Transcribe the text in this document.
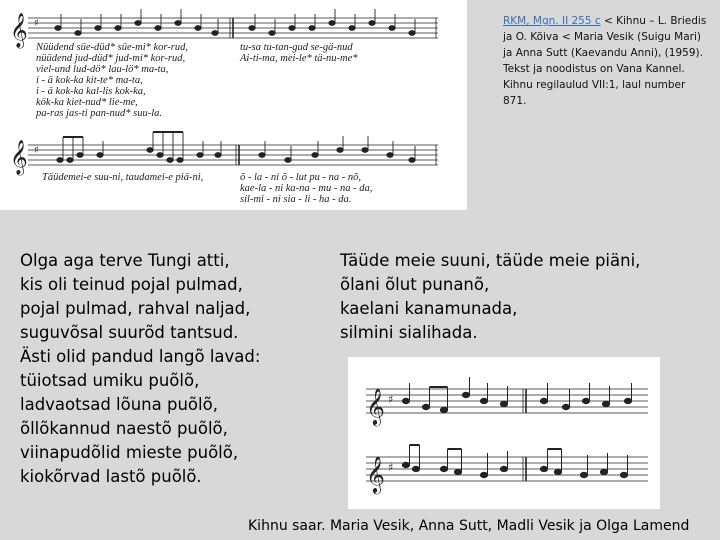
𝄞
𝄞
♯
♯
Nüüdend süe-düd* süe-mi* kor-rud,
nüüdend jud-düd* jud-mi* kor-rud,
viel-und lud-dö* lau-lö* ma-ta,
i - ä kok-ka kit-te* ma-ta,
i - ä kok-ka kal-lis kok-ka,
kök-ka kiet-nud* lie-me,
pa-ras jas-ti pan-nud* suu-la.
tu-sa tu-tan-gud se-gä-nud
Ai-ti-ma, mei-le* tä-nu-me*
Täüdemei-e suu-ni, taudamei-e piä-ni,	õ - la - ni õ - lut pu - na - nõ,
kae-la - ni ka-na - mu - na - da,
sil-mi - ni sia - li - ha - da.
RKM, Mgn. II 255 c < Kihnu – L. Briedis ja O. Kõiva < Maria Vesik (Suigu Mari) ja Anna Sutt (Kaevandu Anni), (1959). Tekst ja noodistus on Vana Kannel. Kihnu regilaulud VII:1, laul number 871.
Olga aga terve Tungi atti,
kis oli teinud pojal pulmad,
pojal pulmad, rahval naljad,
suguvõsal suurõd tantsud.
Ästi olid pandud langõ lavad:
tüiotsad umiku puõlõ,
ladvaotsad lõuna puõlõ,
õllõkannud naestõ puõlõ,
viinapudõlid mieste puõlõ,
kiokõrvad lastõ puõlõ.
Täüde meie suuni, täüde meie piäni,
õlani õlut punanõ,
kaelani kanamunada,
silmini sialihada.
𝄞
𝄞
♯
♯
Kihnu saar. Maria Vesik, Anna Sutt, Madli Vesik ja Olga Lamend
